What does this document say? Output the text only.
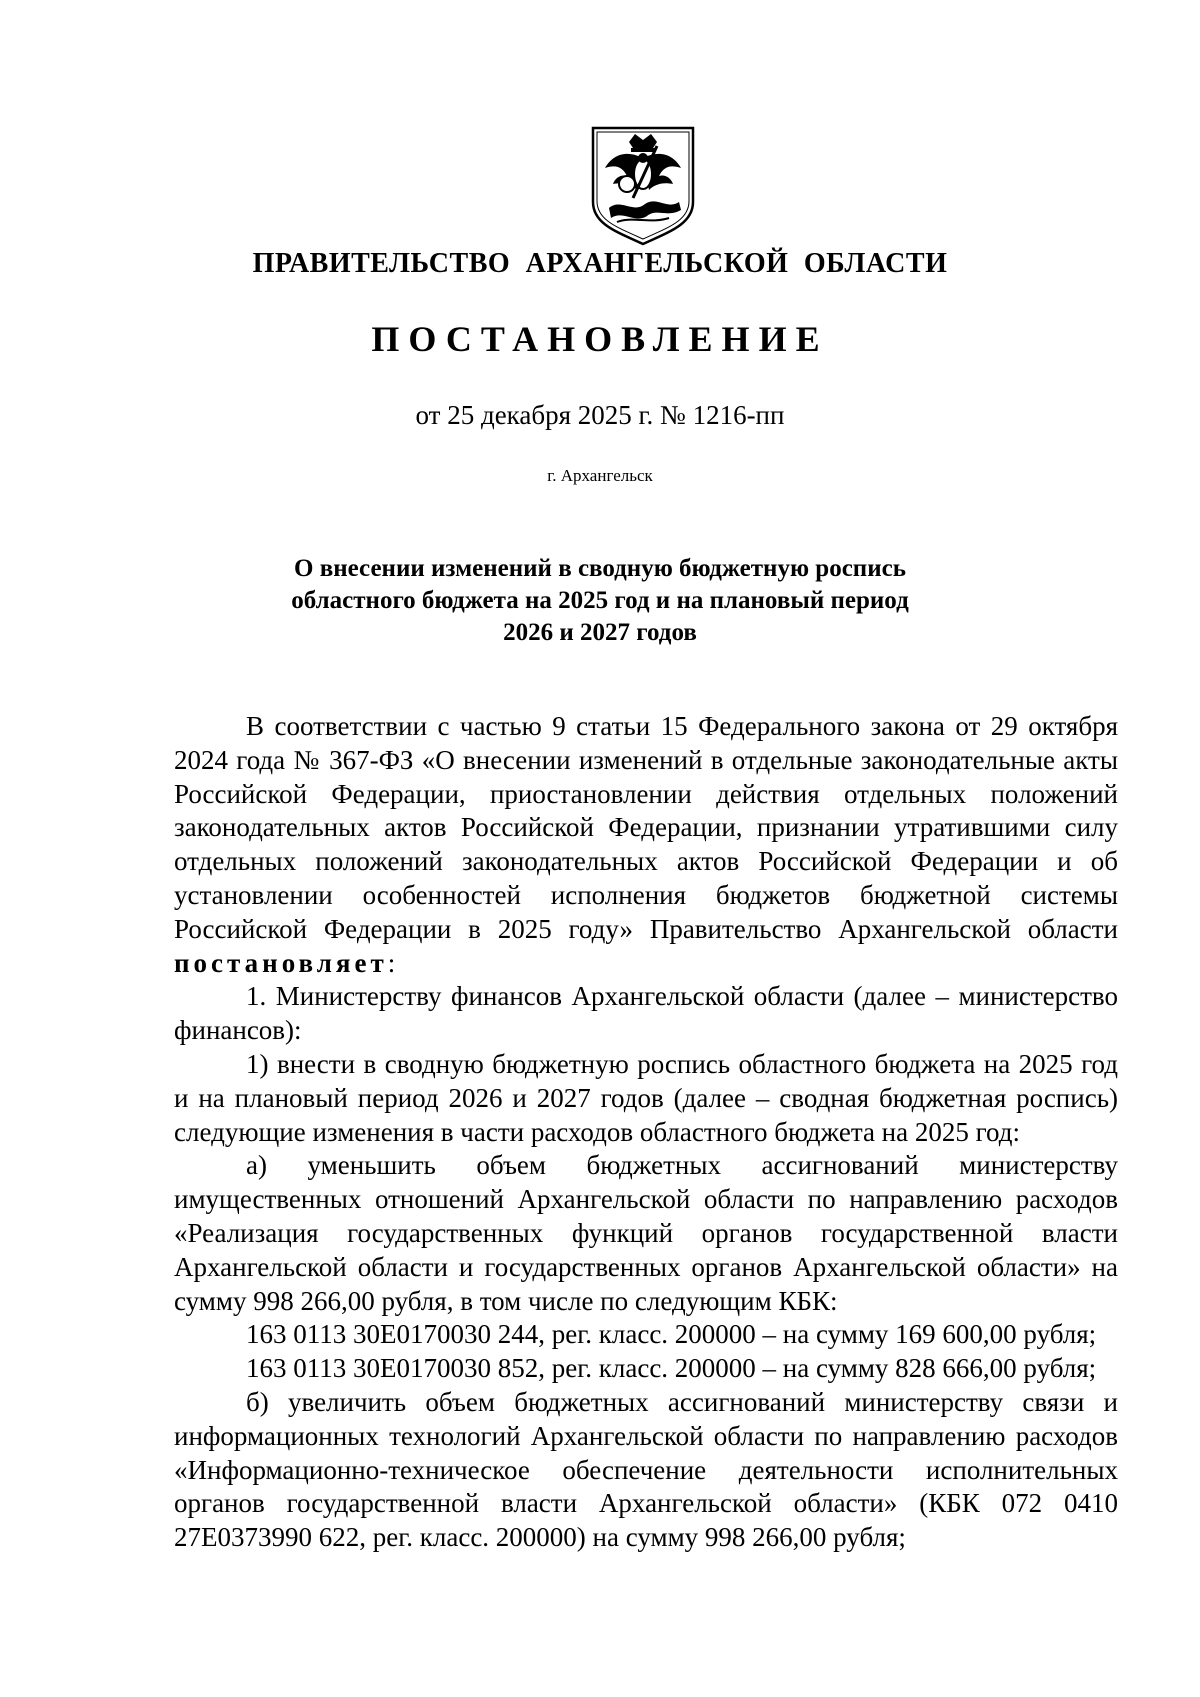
ПРАВИТЕЛЬСТВО АРХАНГЕЛЬСКОЙ ОБЛАСТИ
ПОСТАНОВЛЕНИЕ
от 25 декабря 2025 г. № 1216-пп
г. Архангельск
О внесении изменений в сводную бюджетную роспись
областного бюджета на 2025 год и на плановый период
2026 и 2027 годов

В соответствии с частью 9 статьи 15 Федерального закона от 29 октября 2024 года № 367-ФЗ «О внесении изменений в отдельные законодательные акты Российской Федерации, приостановлении действия отдельных положений законодательных актов Российской Федерации, признании утратившими силу отдельных положений законодательных актов Российской Федерации и об установлении особенностей исполнения бюджетов бюджетной системы Российской Федерации в 2025 году» Правительство Архангельской области постановляет:

1. Министерству финансов Архангельской области (далее – министерство финансов):

1) внести в сводную бюджетную роспись областного бюджета на 2025 год и на плановый период 2026 и 2027 годов (далее – сводная бюджетная роспись) следующие изменения в части расходов областного бюджета на 2025 год:

а) уменьшить объем бюджетных ассигнований министерству имущественных отношений Архангельской области по направлению расходов «Реализация государственных функций органов государственной власти Архангельской области и государственных органов Архангельской области» на сумму 998 266,00 рубля, в том числе по следующим КБК:

163 0113 30Е0170030 244, рег. класс. 200000 – на сумму 169 600,00 рубля;

163 0113 30Е0170030 852, рег. класс. 200000 – на сумму 828 666,00 рубля;

б) увеличить объем бюджетных ассигнований министерству связи и информационных технологий Архангельской области по направлению расходов «Информационно-техническое обеспечение деятельности исполнительных органов государственной власти Архангельской области» (КБК 072 0410 27Е0373990 622, рег. класс. 200000) на сумму 998 266,00 рубля;
